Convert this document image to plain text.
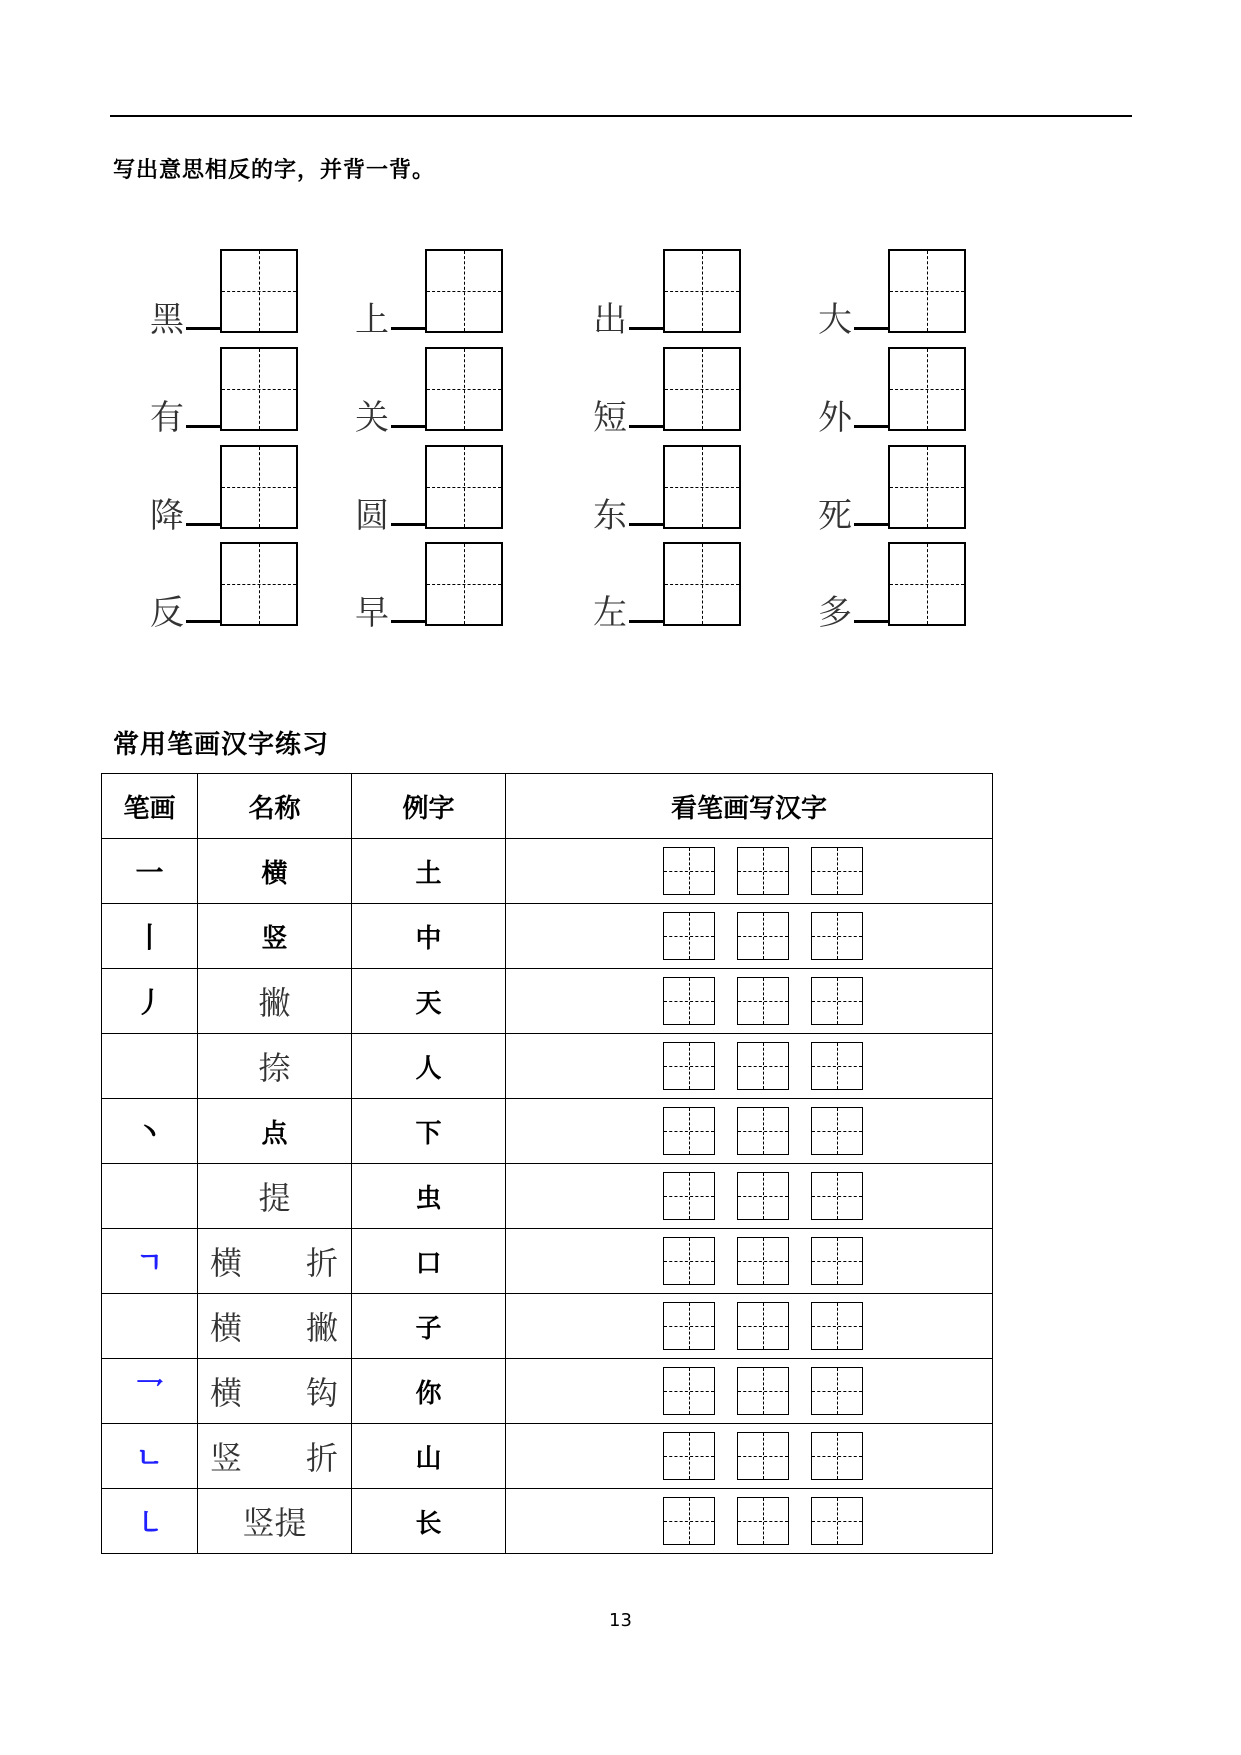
写出意思相反的字，并背一背。
黑	上	出	大
有	关	短	外
降	圆	东	死
反	早	左	多
常用笔画汉字练习
笔画	名称	例字	看笔画写汉字
一	横	土	

丨	竖	中	

丿	撇	天	

	捺	人	

丶	点	下	

	提	虫	

ㄱ	横 折	口	

	横 撇	子	

乛	横 钩	你	

ㄴ	竖 折	山	

㇄	竖提	长	
13
